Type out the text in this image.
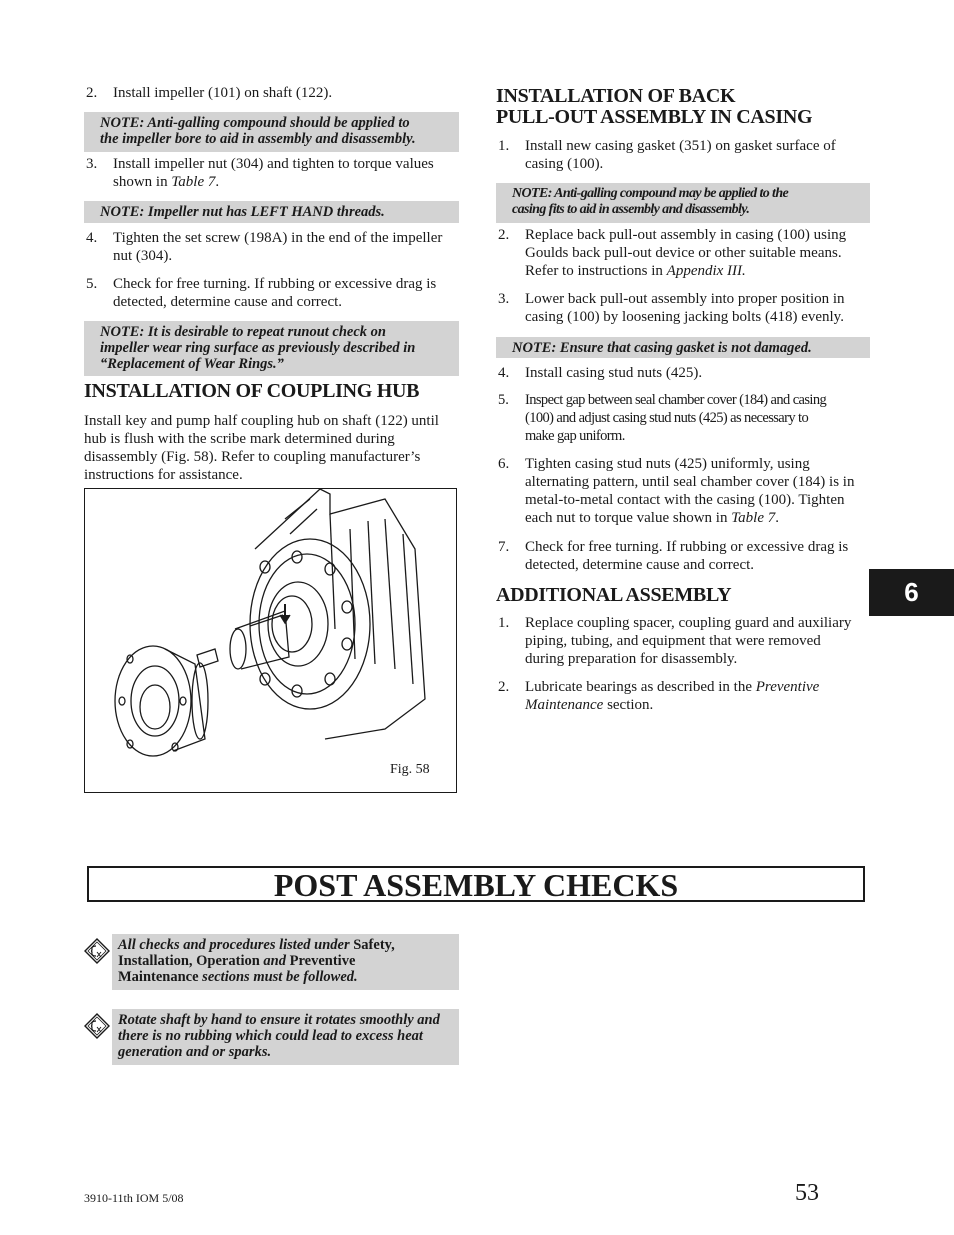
2. Install impeller (101) on shaft (122).
NOTE: Anti-galling compound should be applied to
the impeller bore to aid in assembly and disassembly.
3. Install impeller nut (304) and tighten to torque values
shown in Table 7.
NOTE: Impeller nut has LEFT HAND threads.
4. Tighten the set screw (198A) in the end of the impeller
nut (304).
5. Check for free turning. If rubbing or excessive drag is
detected, determine cause and correct.
NOTE: It is desirable to repeat runout check on
impeller wear ring surface as previously described in
“Replacement of Wear Rings.”
INSTALLATION OF COUPLING HUB
Install key and pump half coupling hub on shaft (122) until
hub is flush with the scribe mark determined during
disassembly (Fig. 58). Refer to coupling manufacturer’s
instructions for assistance.
Fig. 58
INSTALLATION OF BACK
PULL-OUT ASSEMBLY IN CASING
1. Install new casing gasket (351) on gasket surface of
casing (100).
NOTE: Anti-galling compound may be applied to the
casing fits to aid in assembly and disassembly.
2. Replace back pull-out assembly in casing (100) using
Goulds back pull-out device or other suitable means.
Refer to instructions in Appendix III.
3. Lower back pull-out assembly into proper position in
casing (100) by loosening jacking bolts (418) evenly.
NOTE: Ensure that casing gasket is not damaged.
4. Install casing stud nuts (425).
5. Inspect gap between seal chamber cover (184) and casing
(100) and adjust casing stud nuts (425) as necessary to
make gap uniform.
6. Tighten casing stud nuts (425) uniformly, using
alternating pattern, until seal chamber cover (184) is in
metal-to-metal contact with the casing (100). Tighten
each nut to torque value shown in Table 7.
7. Check for free turning. If rubbing or excessive drag is
detected, determine cause and correct.
ADDITIONAL ASSEMBLY
1. Replace coupling spacer, coupling guard and auxiliary
piping, tubing, and equipment that were removed
during preparation for disassembly.
2. Lubricate bearings as described in the Preventive
Maintenance section.
6
POST ASSEMBLY CHECKS
All checks and procedures listed under Safety,
Installation, Operation and Preventive
Maintenance sections must be followed.
Rotate shaft by hand to ensure it rotates smoothly and
there is no rubbing which could lead to excess heat
generation and or sparks.
3910-11th IOM 5/08	53
